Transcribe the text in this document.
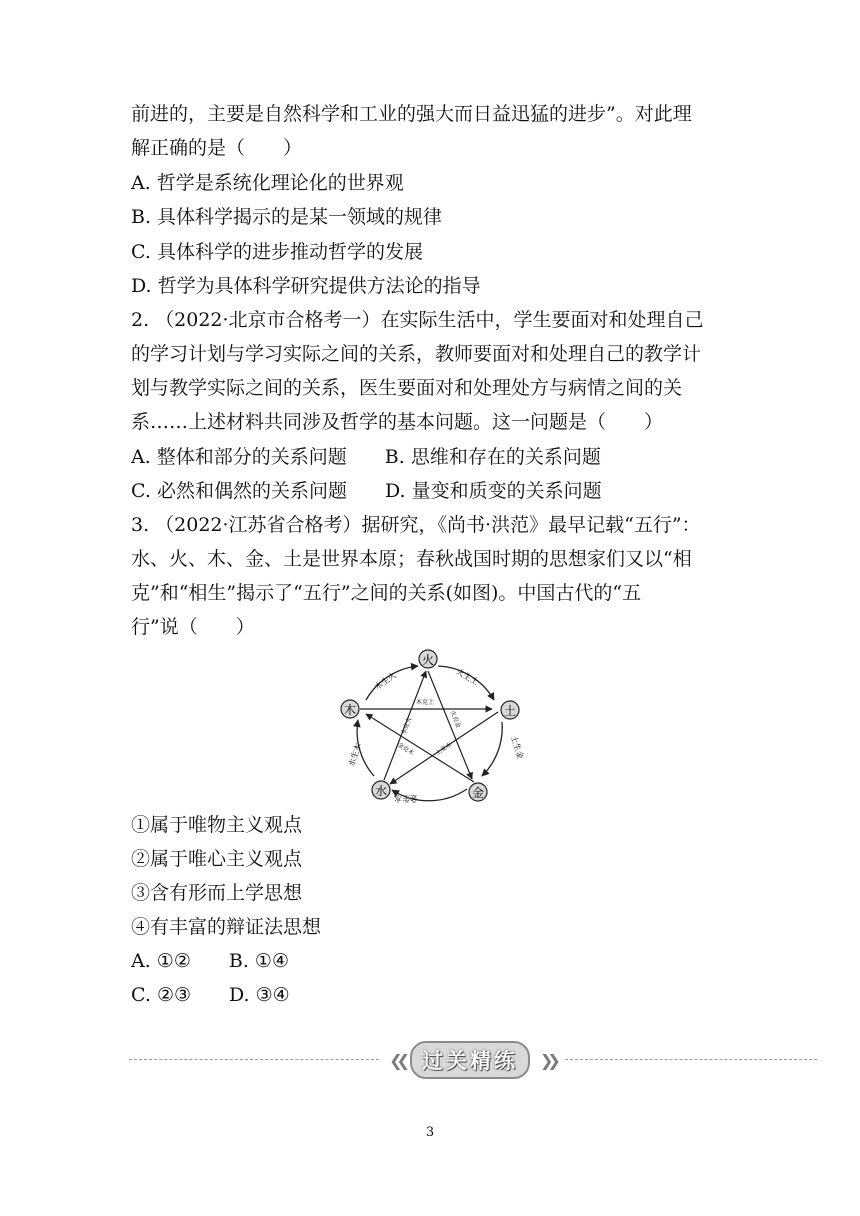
前进的，主要是自然科学和工业的强大而日益迅猛的进步”。对此理
解正确的是（　　）
A. 哲学是系统化理论化的世界观
B. 具体科学揭示的是某一领域的规律
C. 具体科学的进步推动哲学的发展
D. 哲学为具体科学研究提供方法论的指导
2. （2022·北京市合格考一）在实际生活中，学生要面对和处理自己
的学习计划与学习实际之间的关系，教师要面对和处理自己的教学计
划与教学实际之间的关系，医生要面对和处理处方与病情之间的关
系……上述材料共同涉及哲学的基本问题。这一问题是（　　）
A. 整体和部分的关系问题　　B. 思维和存在的关系问题
C. 必然和偶然的关系问题　　D. 量变和质变的关系问题
3. （2022·江苏省合格考）据研究，《尚书·洪范》最早记载“五行”：
水、火、木、金、土是世界本原；春秋战国时期的思想家们又以“相
克”和“相生”揭示了“五行”之间的关系(如图)。中国古代的“五
行”说（　　）
火
土
金
水
木
木生火	火生土
土生金
金生水
水生木
木克土
火克金
土克水
金克木
水克火
①属于唯物主义观点
②属于唯心主义观点
③含有形而上学思想
④有丰富的辩证法思想
A. ①②　　B. ①④
C. ②③　　D. ③④
❮❮ 过关精练	❯❯
3
